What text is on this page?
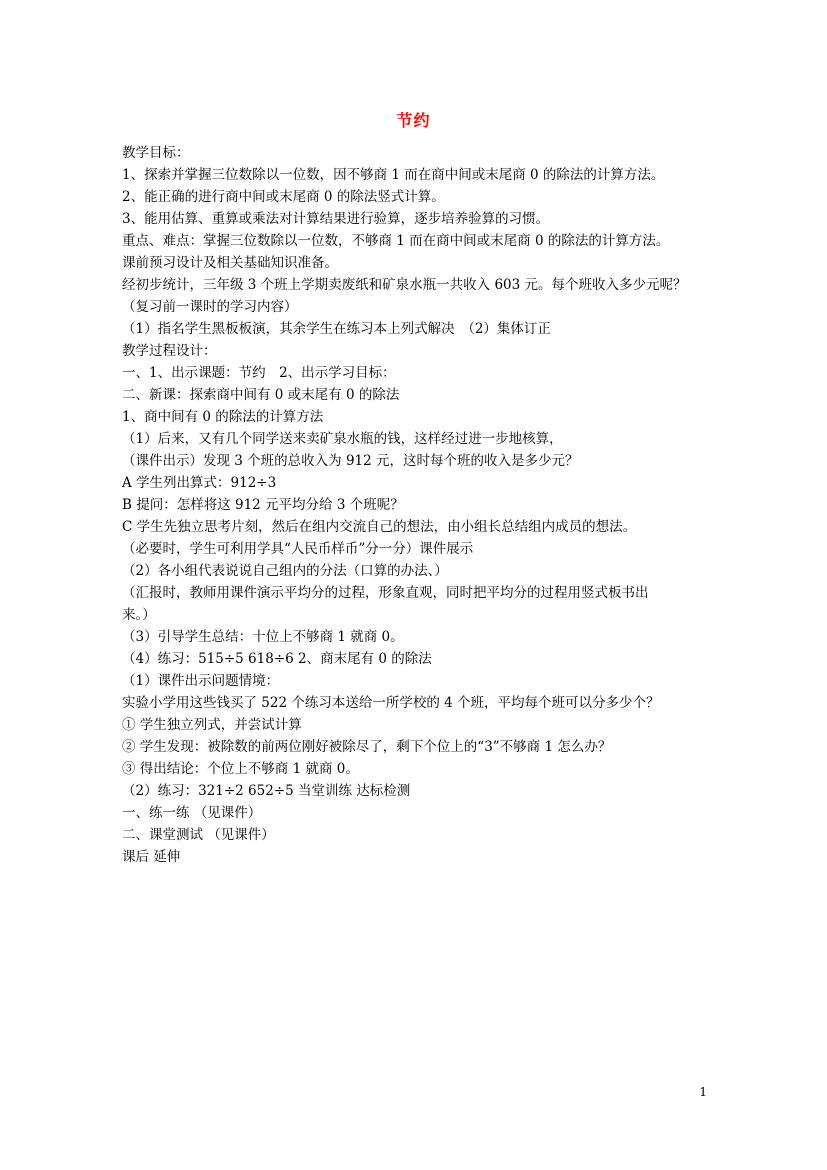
节约
教学目标：
1、探索并掌握三位数除以一位数，因不够商 1 而在商中间或末尾商 0 的除法的计算方法。
2、能正确的进行商中间或末尾商 0 的除法竖式计算。
3、能用估算、重算或乘法对计算结果进行验算，逐步培养验算的习惯。
重点、难点：掌握三位数除以一位数，不够商 1 而在商中间或末尾商 0 的除法的计算方法。
课前预习设计及相关基础知识准备。
经初步统计，三年级 3 个班上学期卖废纸和矿泉水瓶一共收入 603 元。每个班收入多少元呢？
（复习前一课时的学习内容）
（1）指名学生黑板板演，其余学生在练习本上列式解决　（2）集体订正
教学过程设计：
一、1、出示课题：节约　2、出示学习目标：
二、新课：探索商中间有 0 或末尾有 0 的除法
1、商中间有 0 的除法的计算方法
（1）后来，又有几个同学送来卖矿泉水瓶的钱，这样经过进一步地核算，
（课件出示）发现 3 个班的总收入为 912 元，这时每个班的收入是多少元？
A 学生列出算式：912÷3
B 提问：怎样将这 912 元平均分给 3 个班呢？
C 学生先独立思考片刻，然后在组内交流自己的想法，由小组长总结组内成员的想法。
（必要时，学生可利用学具“人民币样币”分一分）课件展示
（2）各小组代表说说自己组内的分法（口算的办法、）
（汇报时，教师用课件演示平均分的过程，形象直观，同时把平均分的过程用竖式板书出
来。）
（3）引导学生总结：十位上不够商 1 就商 0。
（4）练习：515÷5 618÷6 2、商末尾有 0 的除法
（1）课件出示问题情境：
实验小学用这些钱买了 522 个练习本送给一所学校的 4 个班，平均每个班可以分多少个？
① 学生独立列式，并尝试计算
② 学生发现：被除数的前两位刚好被除尽了，剩下个位上的“3”不够商 1 怎么办？
③ 得出结论：个位上不够商 1 就商 0。
（2）练习：321÷2 652÷5 当堂训练 达标检测
一、练一练 （见课件）
二、课堂测试 （见课件）
课后 延伸
1
